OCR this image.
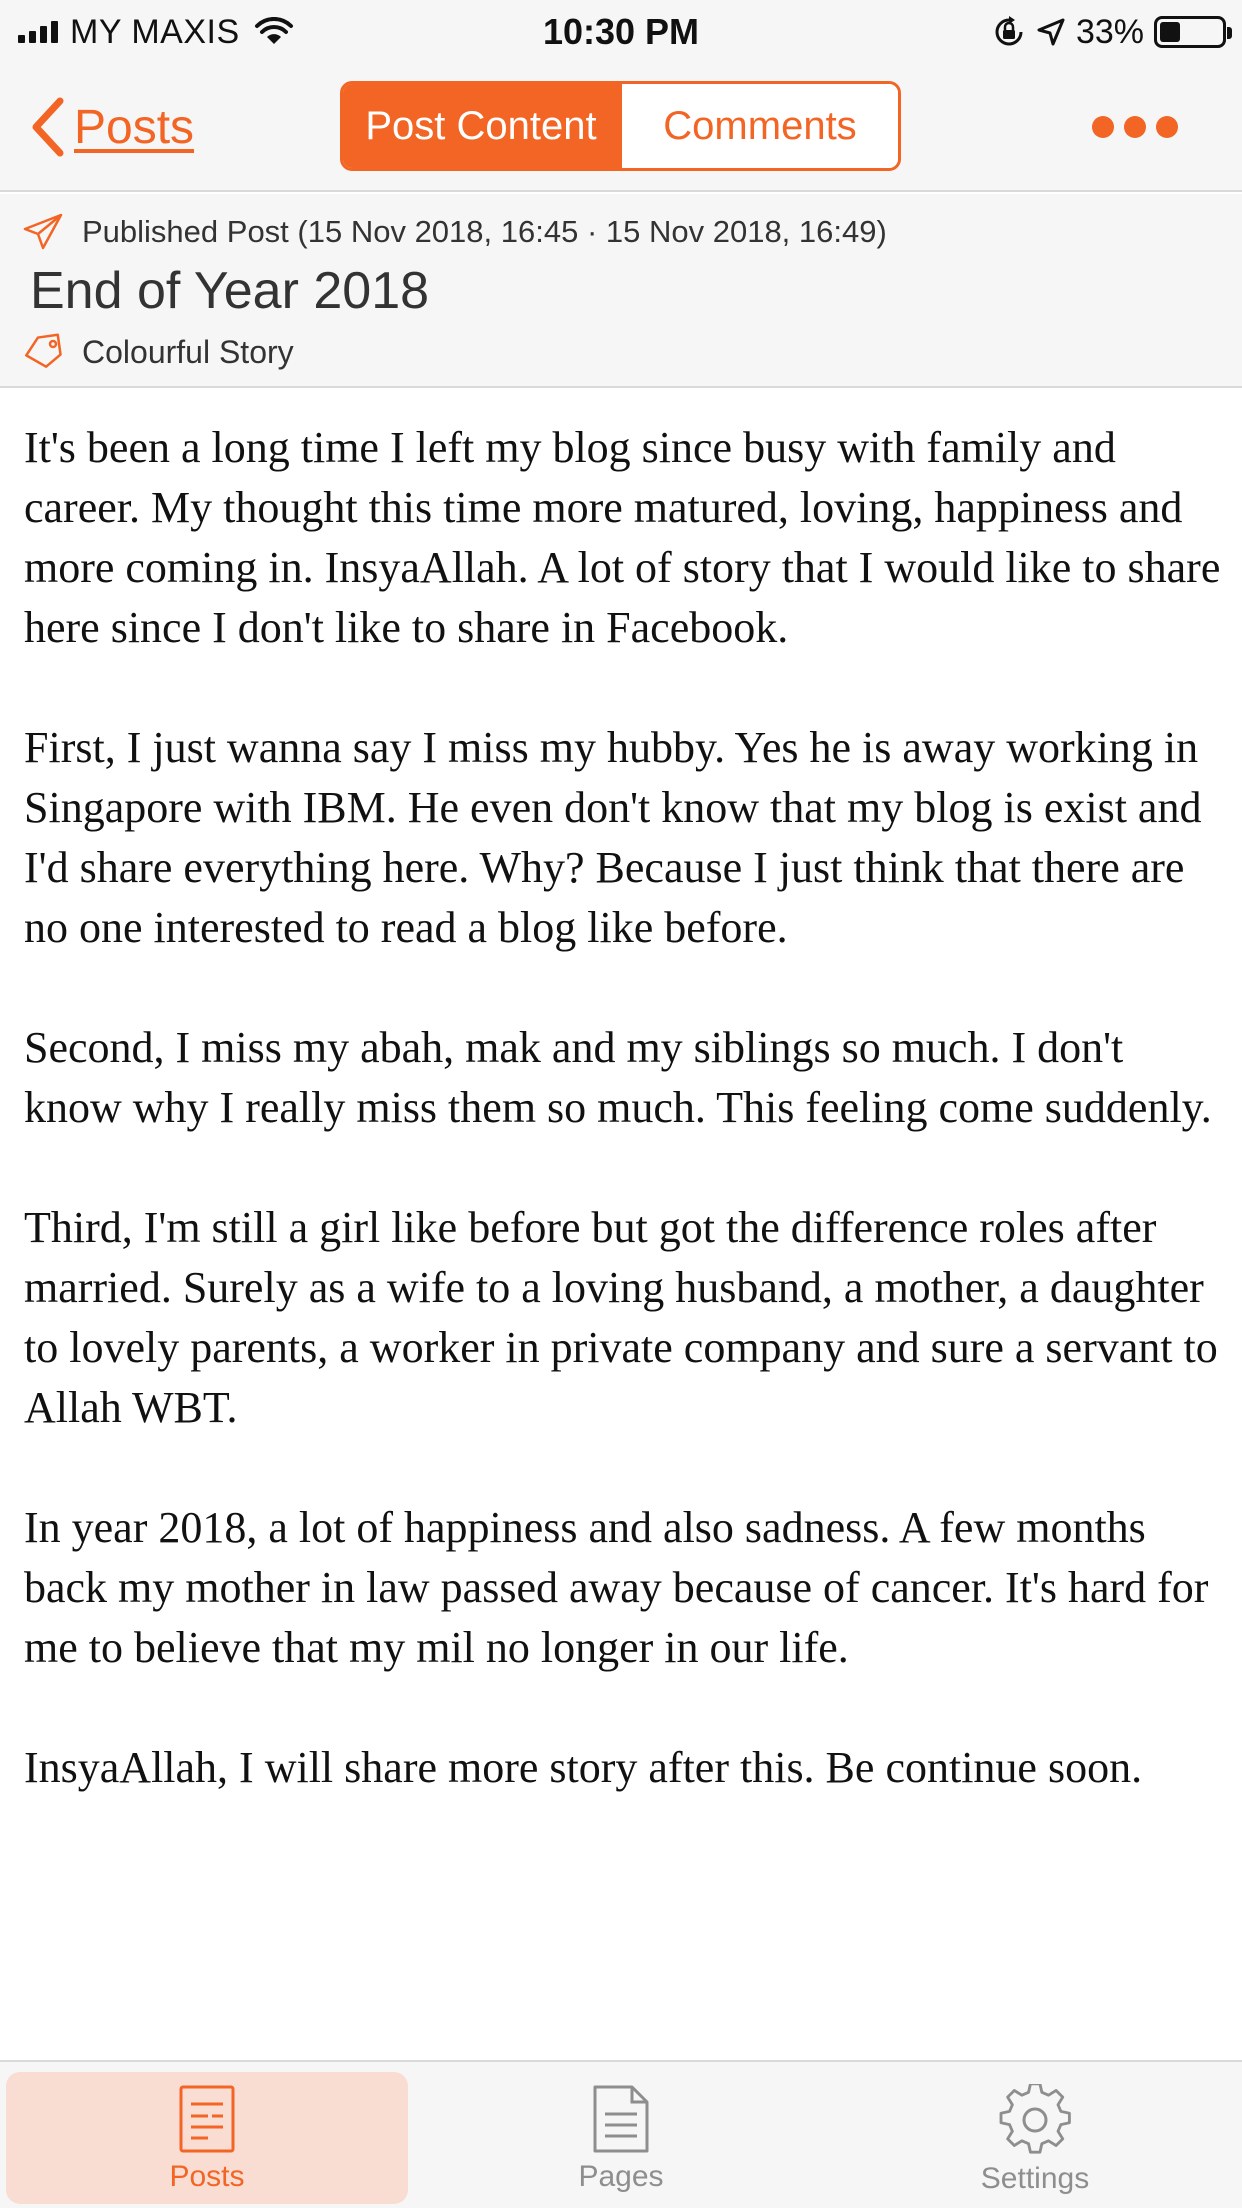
MY MAXIS	10:30 PM	33%
Posts	Post Content	Comments
Published Post (15 Nov 2018, 16:45 · 15 Nov 2018, 16:49)
End of Year 2018
Colourful Story

It's been a long time I left my blog since busy with family and career. My thought this time more matured, loving, happiness and more coming in. InsyaAllah. A lot of story that I would like to share here since I don't like to share in Facebook.

First, I just wanna say I miss my hubby. Yes he is away working in Singapore with IBM. He even don't know that my blog is exist and I'd share everything here. Why? Because I just think that there are no one interested to read a blog like before.

Second, I miss my abah, mak and my siblings so much. I don't know why I really miss them so much. This feeling come suddenly.

Third, I'm still a girl like before but got the difference roles after married. Surely as a wife to a loving husband, a mother, a daughter to lovely parents, a worker in private company and sure a servant to Allah WBT.

In year 2018, a lot of happiness and also sadness. A few months back my mother in law passed away because of cancer. It's hard for me to believe that my mil no longer in our life.

InsyaAllah, I will share more story after this. Be continue soon.

Posts	Pages	Settings
